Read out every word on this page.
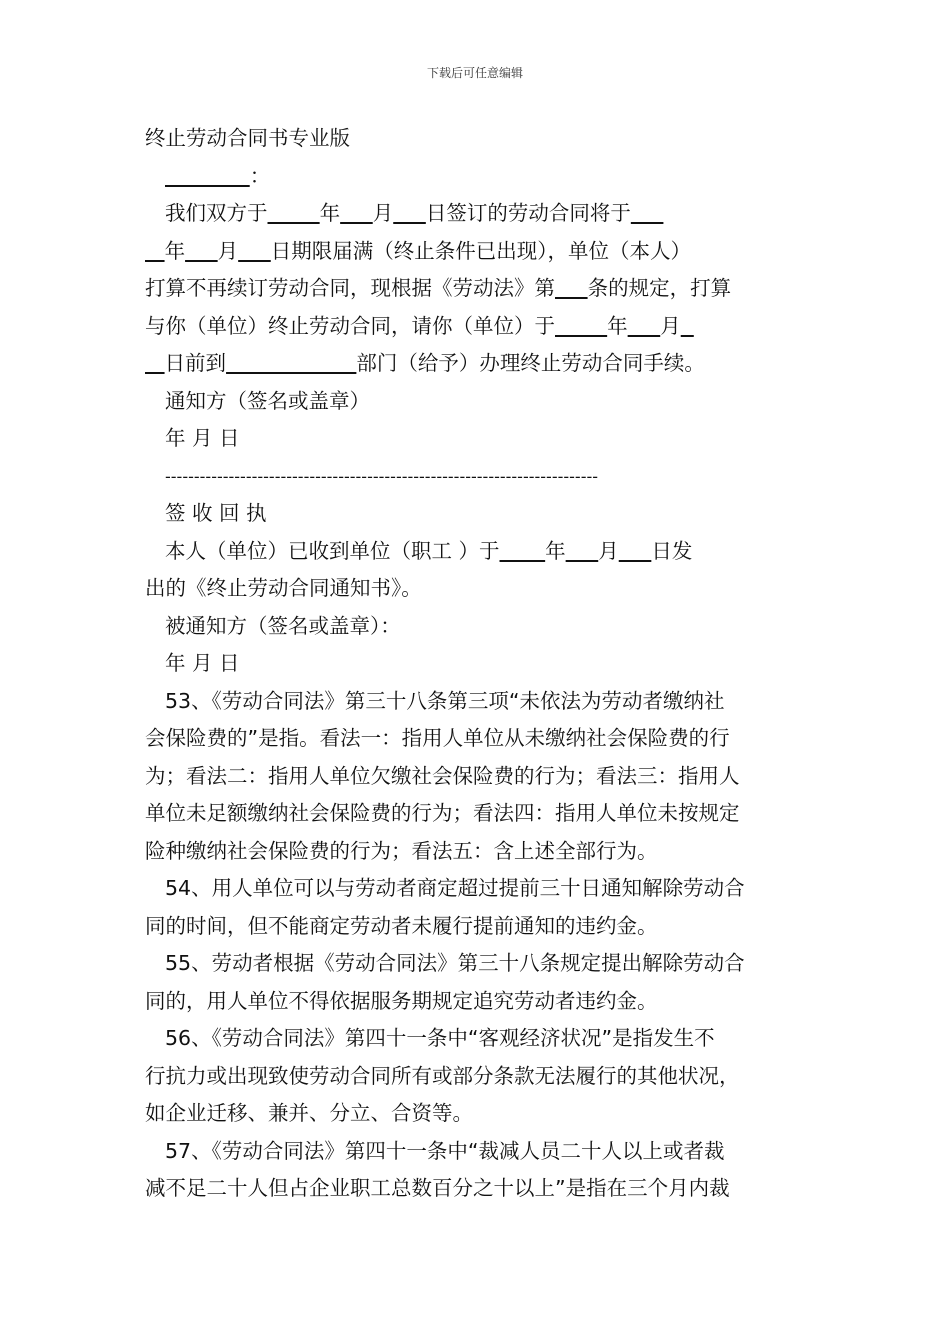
下载后可任意编辑
终止劳动合同书专业版
：
我们双方于	年 月 日签订的劳动合同将于
年 月 日期限届满（终止条件已出现），单位（本人）
打算不再续订劳动合同，现根据《劳动法》第 条的规定，打算
与你（单位）终止劳动合同，请你（单位）于	年 月
日前到	部门（给予）办理终止劳动合同手续。
通知方（签名或盖章）
年 月 日
---------------------------------------------------------------------------
签 收 回 执
本人（单位）已收到单位（职工 ）于 年 月 日发
出的《终止劳动合同通知书》。
被通知方（签名或盖章）：
年 月 日
53、《劳动合同法》第三十八条第三项“未依法为劳动者缴纳社
会保险费的”是指。看法一：指用人单位从未缴纳社会保险费的行
为；看法二：指用人单位欠缴社会保险费的行为；看法三：指用人
单位未足额缴纳社会保险费的行为；看法四：指用人单位未按规定
险种缴纳社会保险费的行为；看法五：含上述全部行为。
54、用人单位可以与劳动者商定超过提前三十日通知解除劳动合
同的时间，但不能商定劳动者未履行提前通知的违约金。
55、劳动者根据《劳动合同法》第三十八条规定提出解除劳动合
同的，用人单位不得依据服务期规定追究劳动者违约金。
56、《劳动合同法》第四十一条中“客观经济状况”是指发生不
行抗力或出现致使劳动合同所有或部分条款无法履行的其他状况，
如企业迁移、兼并、分立、合资等。
57、《劳动合同法》第四十一条中“裁减人员二十人以上或者裁
减不足二十人但占企业职工总数百分之十以上”是指在三个月内裁
